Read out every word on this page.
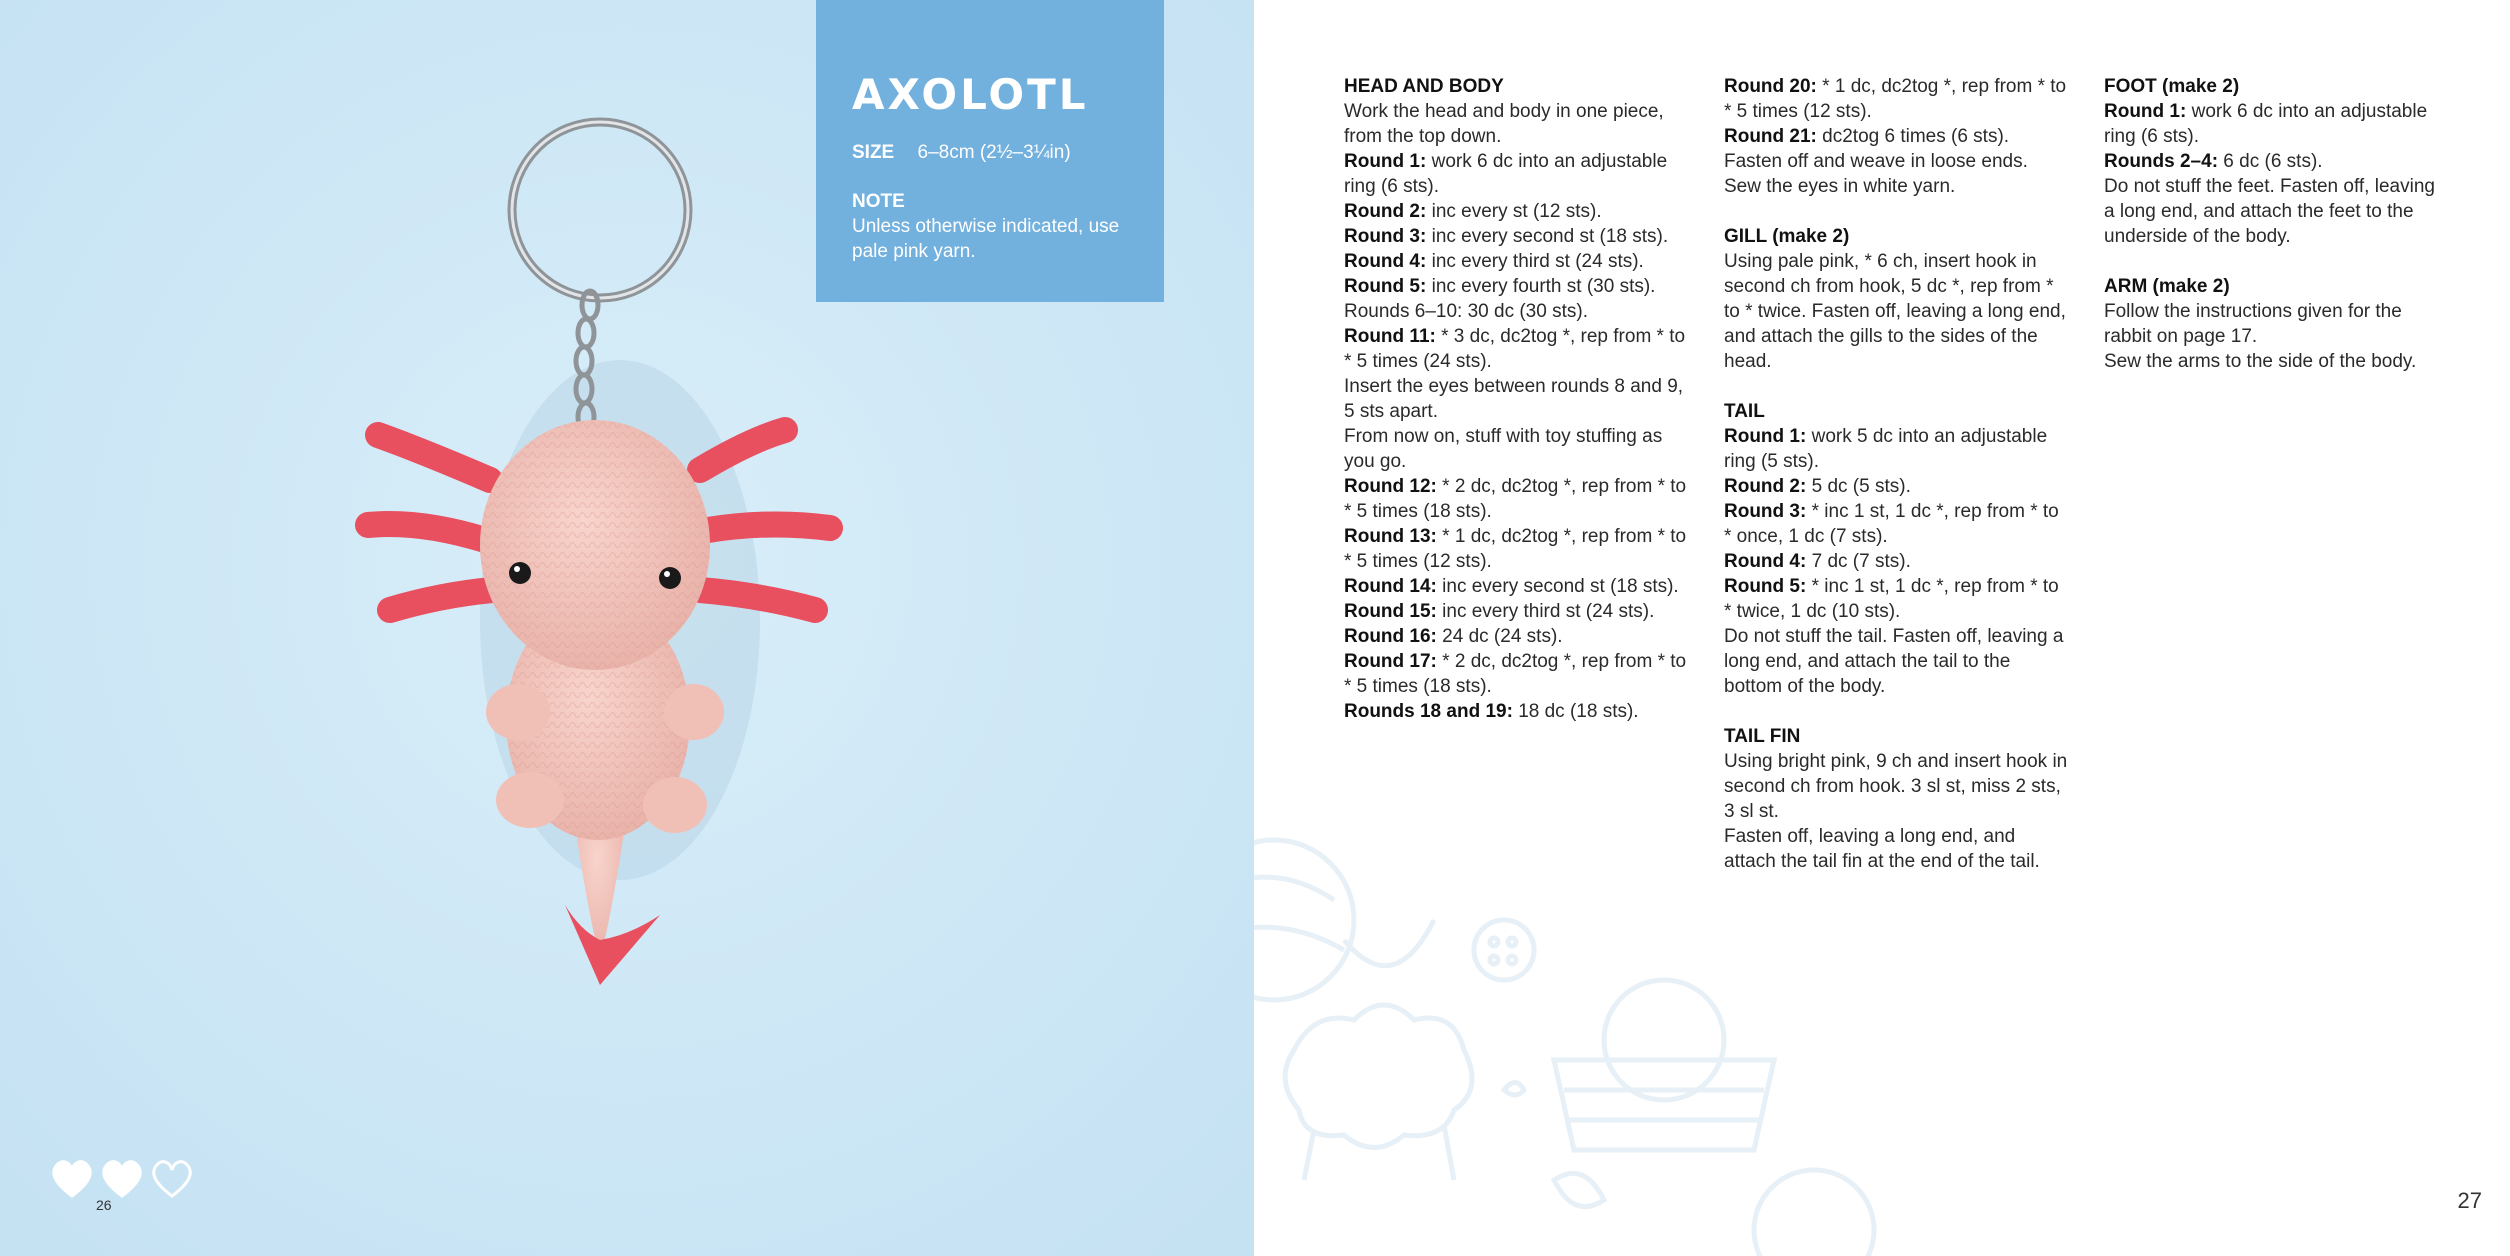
AXOLOTL
SIZE 6–8cm (2½–3¼in)
NOTE
Unless otherwise indicated, use pale pink yarn.
26

HEAD AND BODY

Work the head and body in one piece, from the top down.

Round 1: work 6 dc into an adjustable ring (6 sts).

Round 2: inc every st (12 sts).

Round 3: inc every second st (18 sts).

Round 4: inc every third st (24 sts).

Round 5: inc every fourth st (30 sts).

Rounds 6–10: 30 dc (30 sts).

Round 11: * 3 dc, dc2tog *, rep from * to * 5 times (24 sts).

Insert the eyes between rounds 8 and 9, 5 sts apart.

From now on, stuff with toy stuffing as you go.

Round 12: * 2 dc, dc2tog *, rep from * to * 5 times (18 sts).

Round 13: * 1 dc, dc2tog *, rep from * to * 5 times (12 sts).

Round 14: inc every second st (18 sts).

Round 15: inc every third st (24 sts).

Round 16: 24 dc (24 sts).

Round 17: * 2 dc, dc2tog *, rep from * to * 5 times (18 sts).

Rounds 18 and 19: 18 dc (18 sts).

Round 20: * 1 dc, dc2tog *, rep from * to * 5 times (12 sts).

Round 21: dc2tog 6 times (6 sts).

Fasten off and weave in loose ends. Sew the eyes in white yarn.

GILL (make 2)

Using pale pink, * 6 ch, insert hook in second ch from hook, 5 dc *, rep from * to * twice. Fasten off, leaving a long end, and attach the gills to the sides of the head.

TAIL

Round 1: work 5 dc into an adjustable ring (5 sts).

Round 2: 5 dc (5 sts).

Round 3: * inc 1 st, 1 dc *, rep from * to * once, 1 dc (7 sts).

Round 4: 7 dc (7 sts).

Round 5: * inc 1 st, 1 dc *, rep from * to * twice, 1 dc (10 sts).

Do not stuff the tail. Fasten off, leaving a long end, and attach the tail to the bottom of the body.

TAIL FIN

Using bright pink, 9 ch and insert hook in second ch from hook. 3 sl st, miss 2 sts, 3 sl st.

Fasten off, leaving a long end, and attach the tail fin at the end of the tail.

FOOT (make 2)

Round 1: work 6 dc into an adjustable ring (6 sts).

Rounds 2–4: 6 dc (6 sts).

Do not stuff the feet. Fasten off, leaving a long end, and attach the feet to the underside of the body.

ARM (make 2)

Follow the instructions given for the rabbit on page 17.

Sew the arms to the side of the body.

27
